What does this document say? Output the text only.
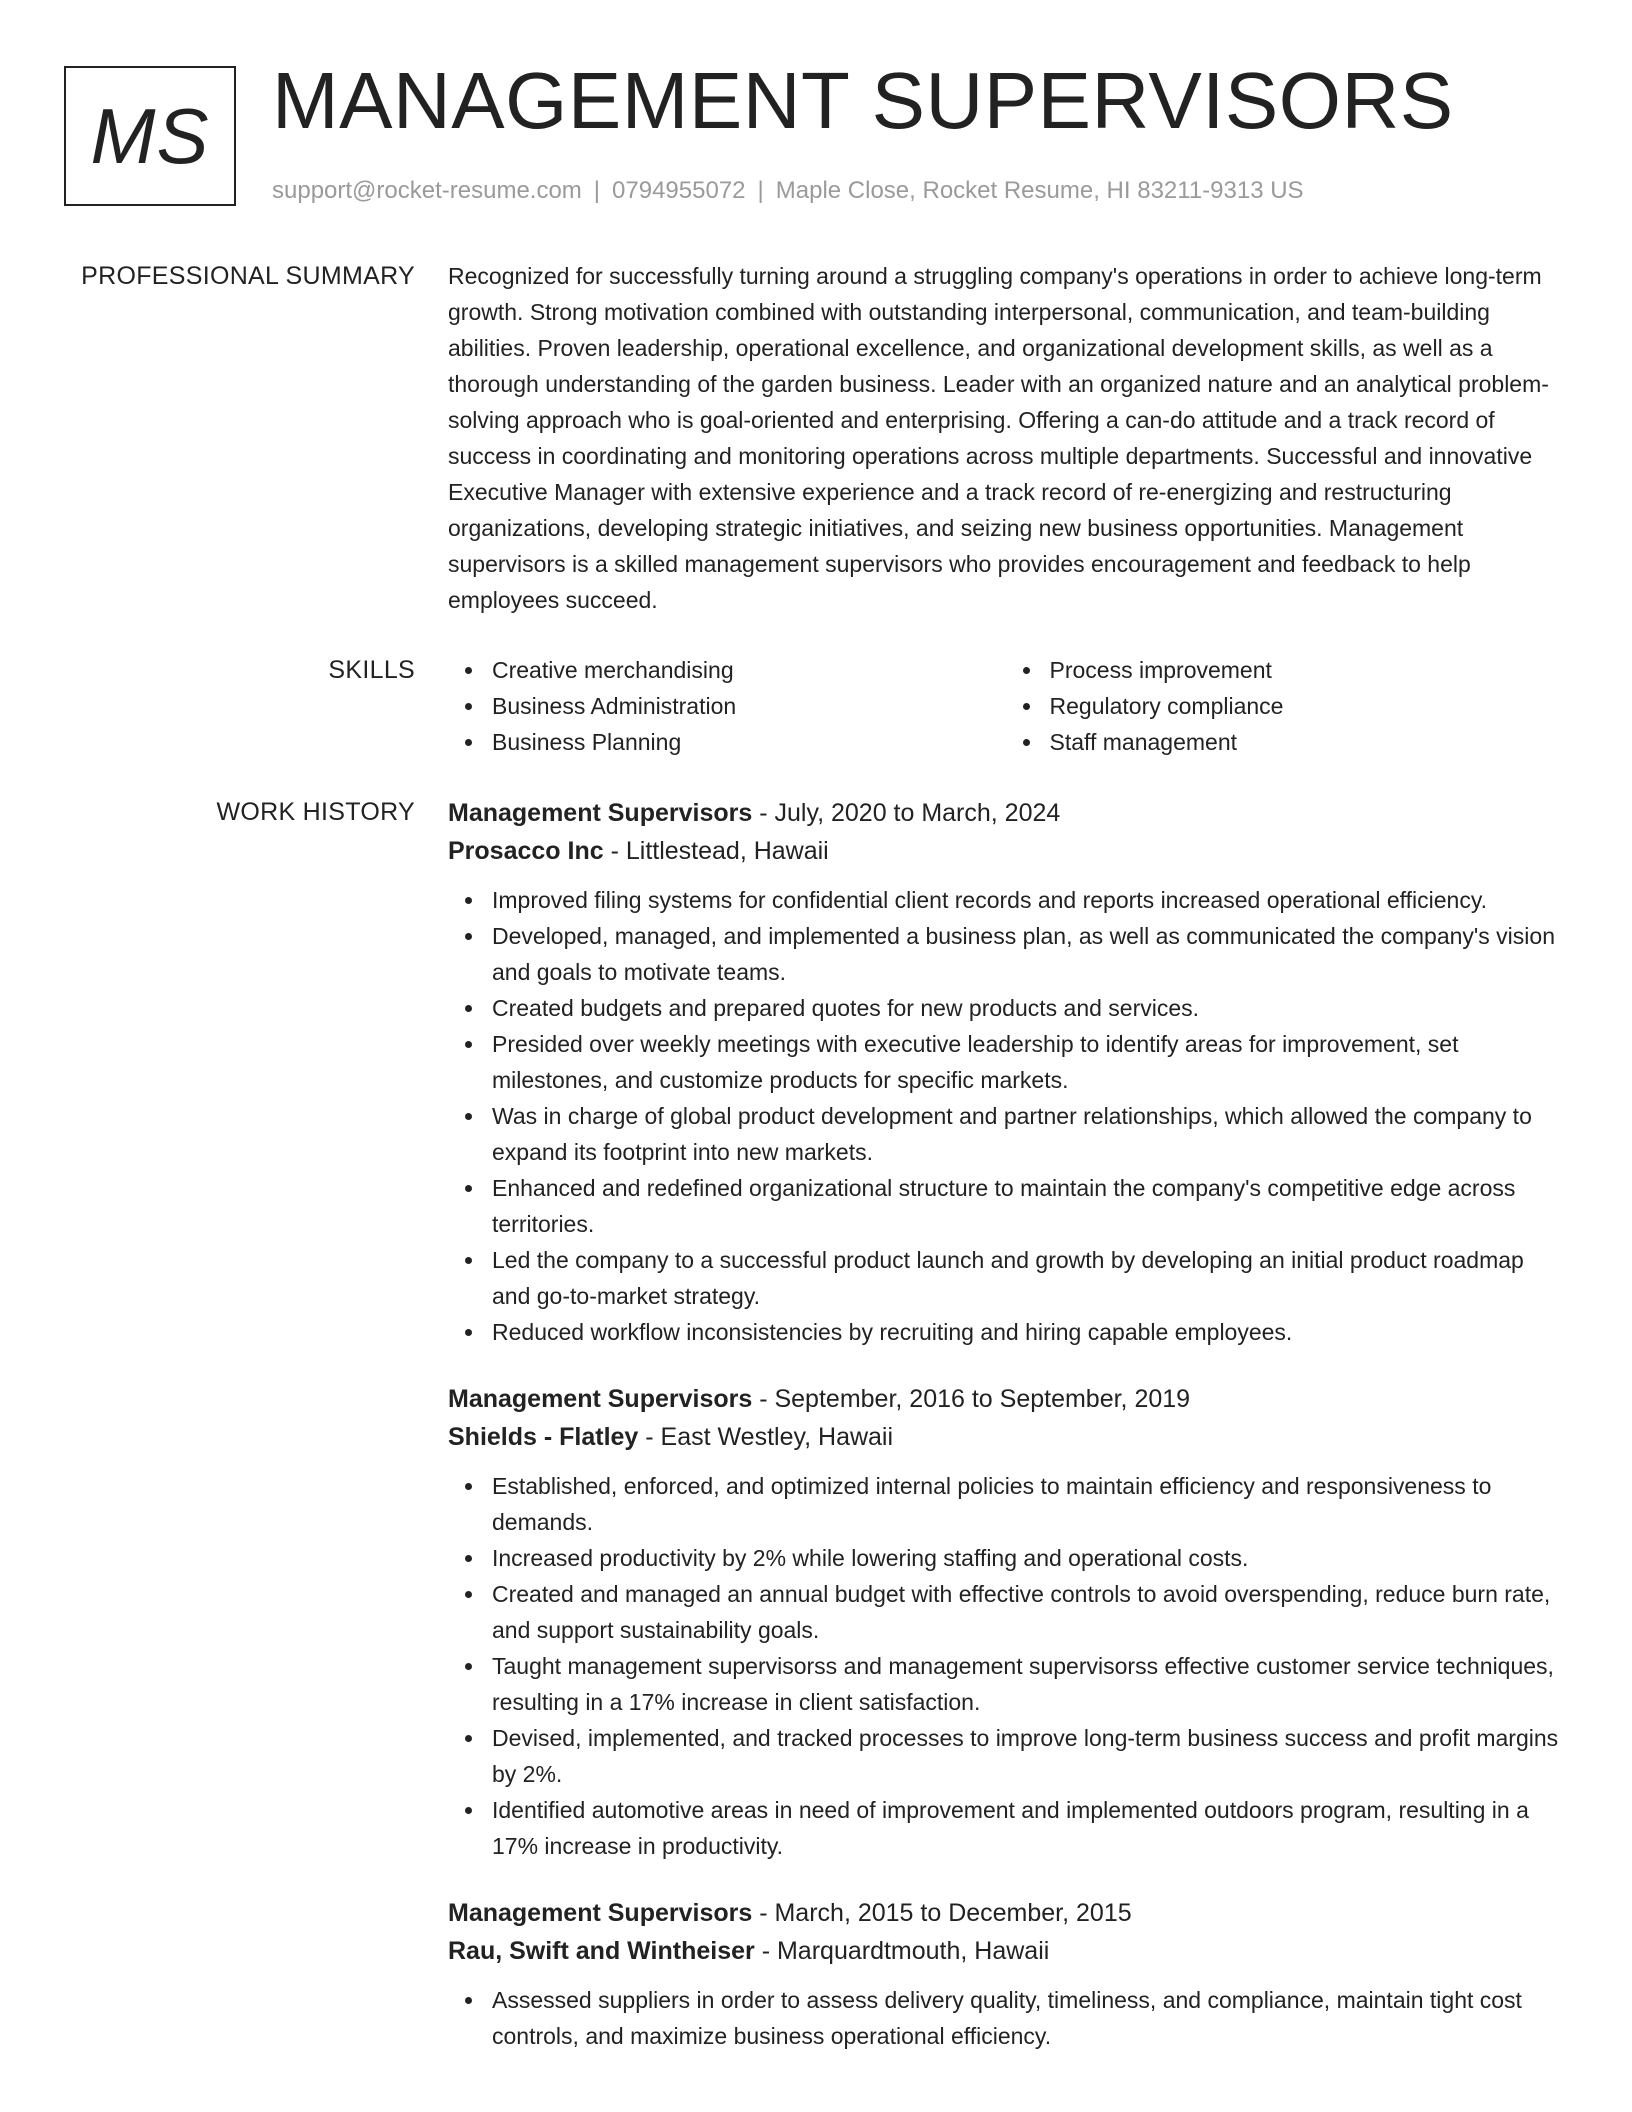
MS MANAGEMENT SUPERVISORS
support@rocket-resume.com | 0794955072 | Maple Close, Rocket Resume, HI 83211-9313 US
PROFESSIONAL SUMMARY Recognized for successfully turning around a struggling company's operations in order to achieve long-term growth. Strong motivation combined with outstanding interpersonal, communication, and team-building abilities. Proven leadership, operational excellence, and organizational development skills, as well as a thorough understanding of the garden business. Leader with an organized nature and an analytical problem-solving approach who is goal-oriented and enterprising. Offering a can-do attitude and a track record of success in coordinating and monitoring operations across multiple departments. Successful and innovative Executive Manager with extensive experience and a track record of re-energizing and restructuring organizations, developing strategic initiatives, and seizing new business opportunities. Management supervisors is a skilled management supervisors who provides encouragement and feedback to help employees succeed.

SKILLS	Creative merchandising
Business Administration
Business Planning
Process improvement
Regulatory compliance
Staff management
WORK HISTORY Management Supervisors - July, 2020 to March, 2024
Prosacco Inc - Littlestead, Hawaii
Improved filing systems for confidential client records and reports increased operational efficiency.
Developed, managed, and implemented a business plan, as well as communicated the company's vision and goals to motivate teams.
Created budgets and prepared quotes for new products and services.
Presided over weekly meetings with executive leadership to identify areas for improvement, set milestones, and customize products for specific markets.
Was in charge of global product development and partner relationships, which allowed the company to expand its footprint into new markets.
Enhanced and redefined organizational structure to maintain the company's competitive edge across territories.
Led the company to a successful product launch and growth by developing an initial product roadmap and go-to-market strategy.
Reduced workflow inconsistencies by recruiting and hiring capable employees.
Management Supervisors - September, 2016 to September, 2019
Shields - Flatley - East Westley, Hawaii
Established, enforced, and optimized internal policies to maintain efficiency and responsiveness to demands.
Increased productivity by 2% while lowering staffing and operational costs.
Created and managed an annual budget with effective controls to avoid overspending, reduce burn rate, and support sustainability goals.
Taught management supervisorss and management supervisorss effective customer service techniques, resulting in a 17% increase in client satisfaction.
Devised, implemented, and tracked processes to improve long-term business success and profit margins by 2%.
Identified automotive areas in need of improvement and implemented outdoors program, resulting in a 17% increase in productivity.
Management Supervisors - March, 2015 to December, 2015
Rau, Swift and Wintheiser - Marquardtmouth, Hawaii
Assessed suppliers in order to assess delivery quality, timeliness, and compliance, maintain tight cost controls, and maximize business operational efficiency.
